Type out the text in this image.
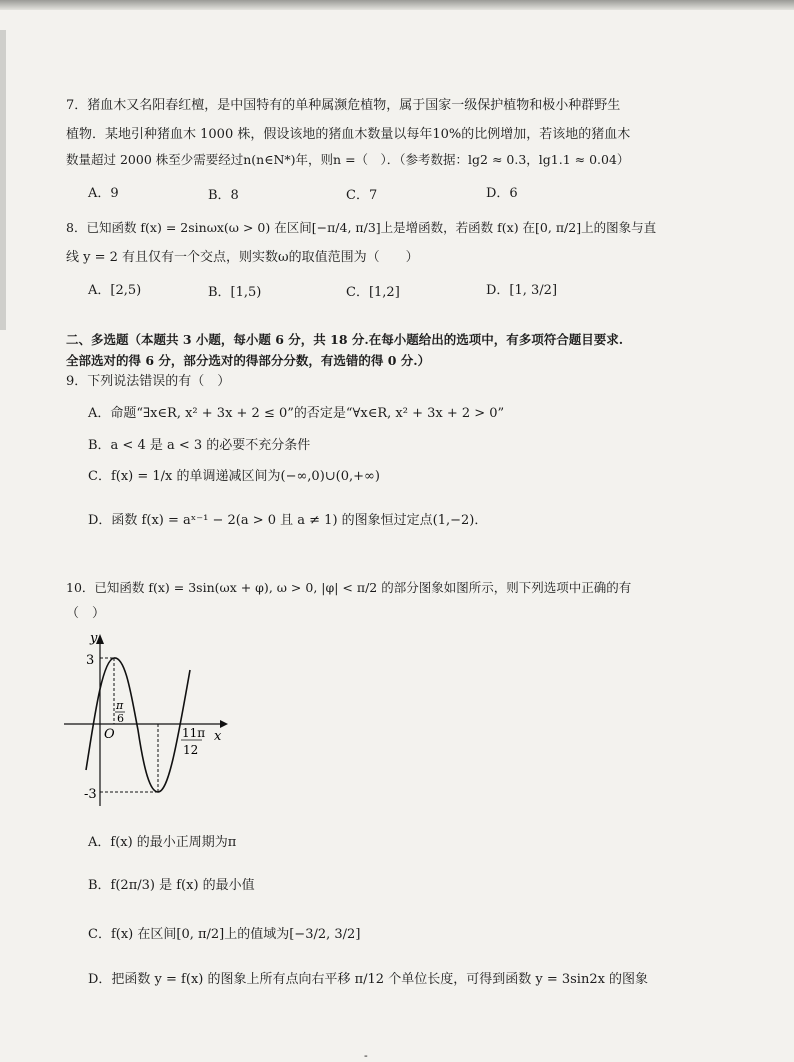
7．猪血木又名阳春红檀，是中国特有的单种属濒危植物，属于国家一级保护植物和极小种群野生
植物．某地引种猪血木 1000 株，假设该地的猪血木数量以每年10%的比例增加，若该地的猪血木
数量超过 2000 株至少需要经过n(n∈N*)年，则n =（　）．（参考数据：lg2 ≈ 0.3，lg1.1 ≈ 0.04）
A．9	B．8	C．7	D．6
8．已知函数 f(x) = 2sinωx(ω > 0) 在区间[−π/4, π/3]上是增函数，若函数 f(x) 在[0, π/2]上的图象与直
线 y = 2 有且仅有一个交点，则实数ω的取值范围为（　　）
A．[2,5)	B．[1,5)	C．[1,2]	D．[1, 3/2]
二、多选题（本题共 3 小题，每小题 6 分，共 18 分.在每小题给出的选项中，有多项符合题目要求.
全部选对的得 6 分，部分选对的得部分分数，有选错的得 0 分.）
9．下列说法错误的有（　）
A．命题“∃x∈R, x² + 3x + 2 ≤ 0”的否定是“∀x∈R, x² + 3x + 2 > 0”
B．a < 4 是 a < 3 的必要不充分条件
C．f(x) = 1/x 的单调递减区间为(−∞,0)∪(0,+∞)
D．函数 f(x) = aˣ⁻¹ − 2(a > 0 且 a ≠ 1) 的图象恒过定点(1,−2)．
10．已知函数 f(x) = 3sin(ωx + φ), ω > 0, |φ| < π/2 的部分图象如图所示，则下列选项中正确的有
（　）
y
x
O
3
-3
π
6
11π
12
A．f(x) 的最小正周期为π
B．f(2π/3) 是 f(x) 的最小值
C．f(x) 在区间[0, π/2]上的值域为[−3/2, 3/2]
D．把函数 y = f(x) 的图象上所有点向右平移 π/12 个单位长度，可得到函数 y = 3sin2x 的图象
-
